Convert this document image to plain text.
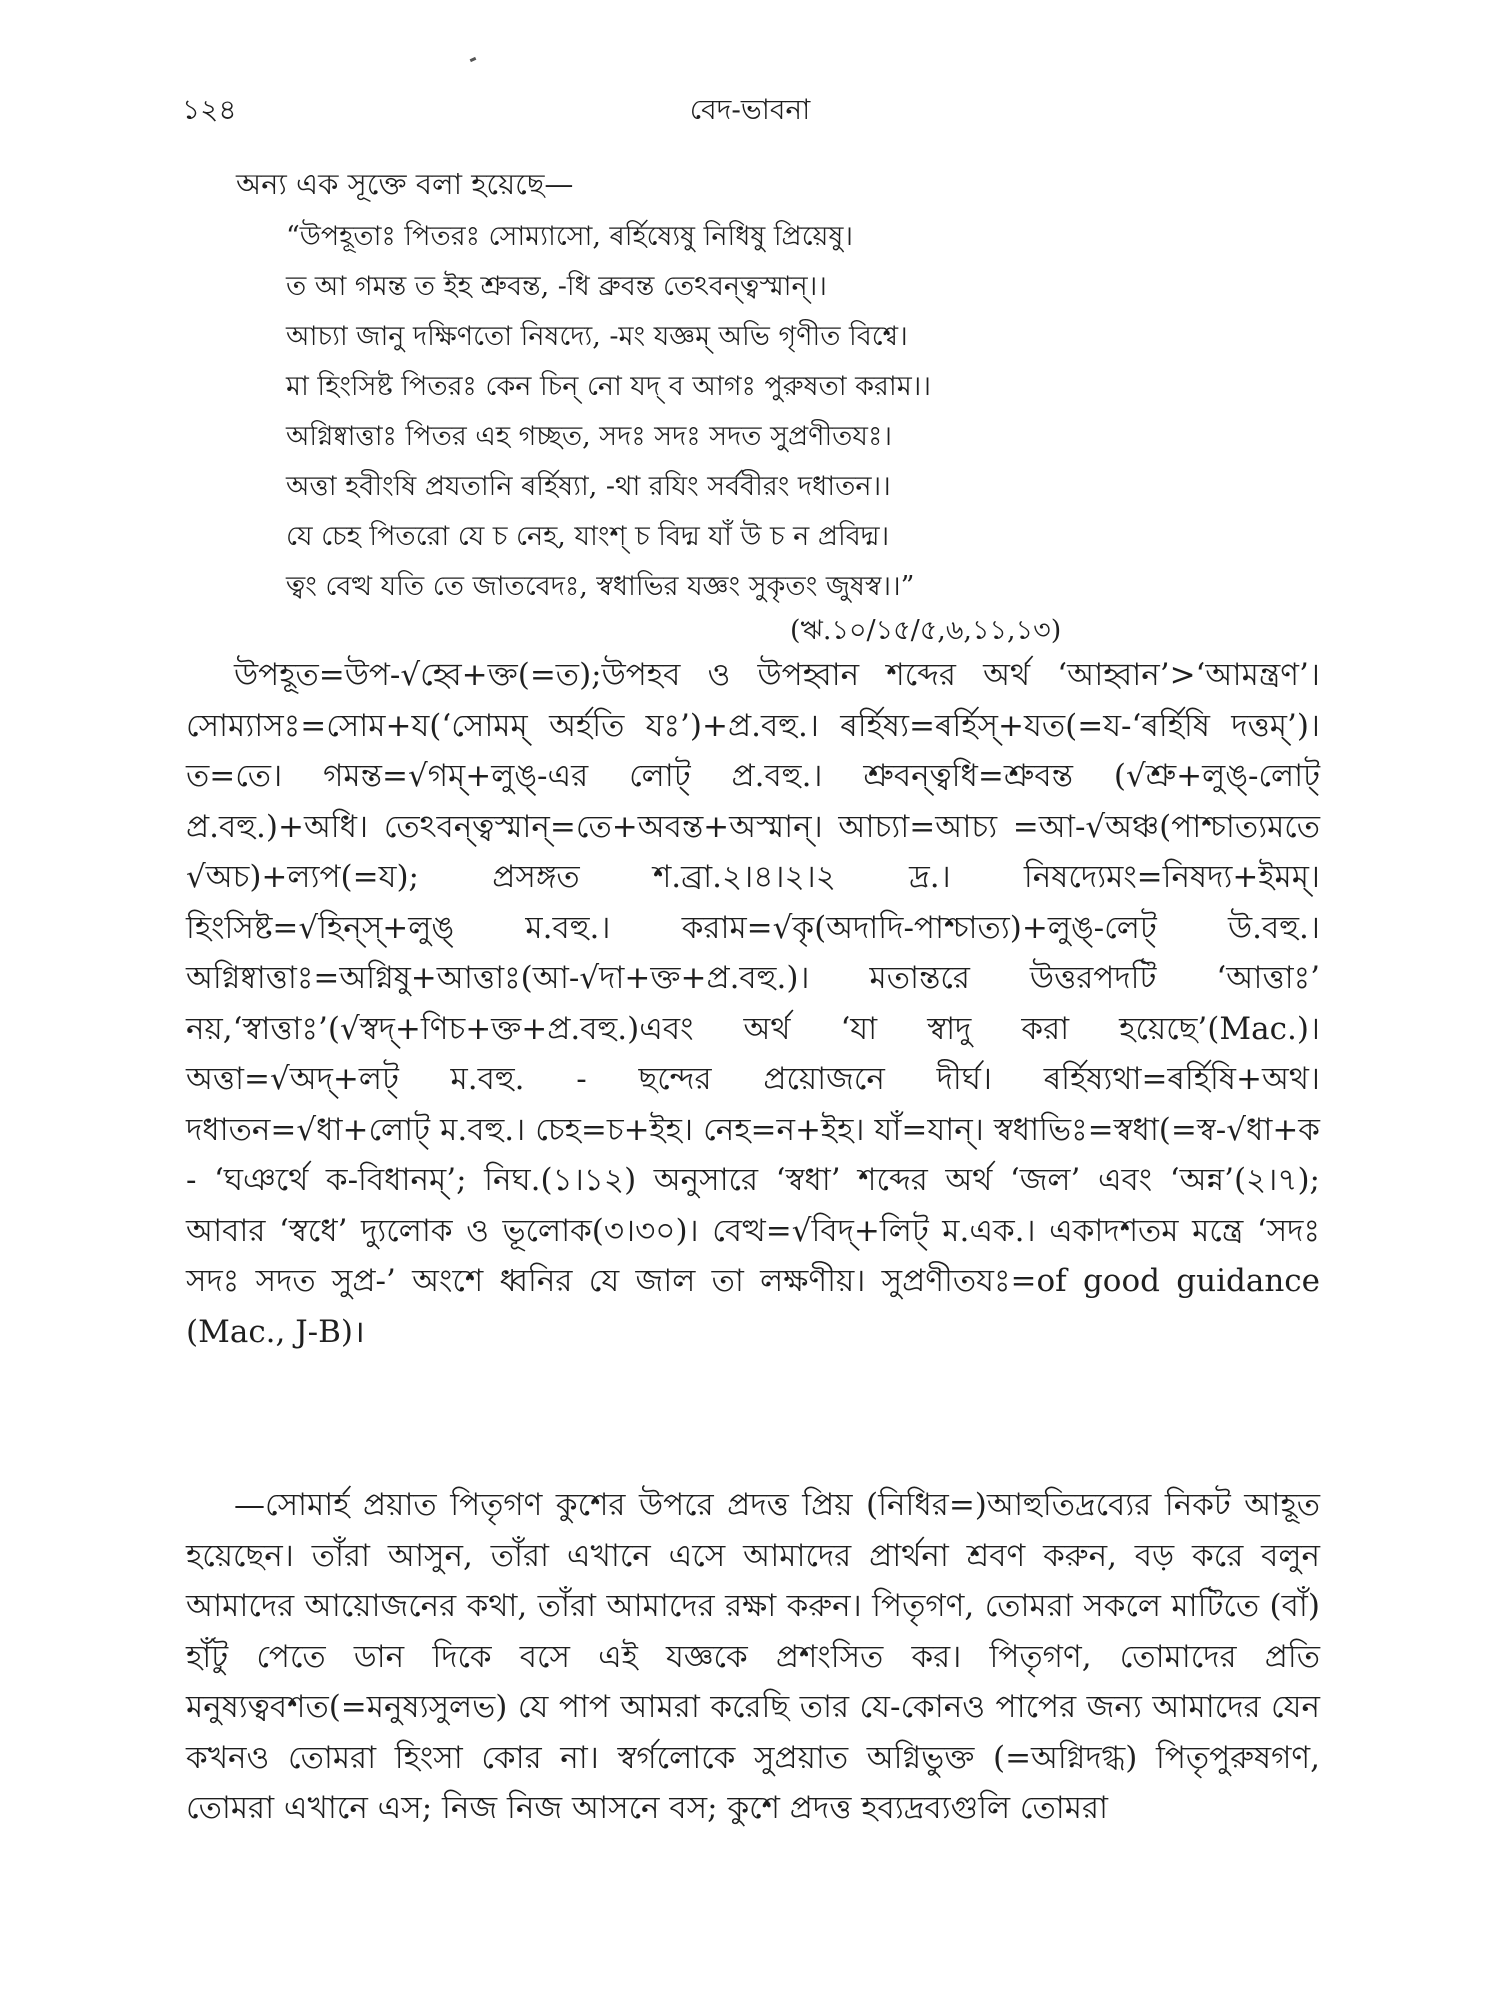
বেদ-ভাবনা
১২৪
অন্য এক সূক্তে বলা হয়েছে—
“উপহূতাঃ পিতরঃ সোম্যাসো, ৰর্হিষ্যেষু নিধিষু প্রিয়েষু।
ত আ গমন্ত ত ইহ শ্রুবন্ত, -ধি ব্রুবন্ত তেঽবন্ত্বস্মান্।।
আচ্যা জানু দক্ষিণতো নিষদ্যে, -মং যজ্ঞম্ অভি গৃণীত বিশ্বে।
মা হিংসিষ্ট পিতরঃ কেন চিন্ নো যদ্ ব আগঃ পুরুষতা করাম।।
অগ্নিষ্বাত্তাঃ পিতর এহ গচ্ছত, সদঃ সদঃ সদত সুপ্রণীতযঃ।
অত্তা হবীংষি প্রযতানি ৰর্হিষ্যা, -থা রযিং সর্ববীরং দধাতন।।
যে চেহ পিতরো যে চ নেহ, যাংশ্ চ বিদ্ম যাঁ উ চ ন প্রবিদ্ম।
ত্বং বেত্থ যতি তে জাতবেদঃ, স্বধাভির যজ্ঞং সুকৃতং জুষস্ব।।”
(ঋ.১০/১৫/৫,৬,১১,১৩)

উপহূত=উপ-√হ্বে+ক্ত(=ত);উপহব ও উপহ্বান শব্দের অর্থ ‘আহ্বান’>‘আমন্ত্রণ’। সোম্যাসঃ=সোম+য(‘সোমম্ অর্হতি যঃ’)+প্র.বহু.। ৰর্হিষ্য=ৰর্হিস্+যত(=য-‘ৰর্হিষি দত্তম্’)। ত=তে। গমন্ত=√গম্+লুঙ্-এর লোট্ প্র.বহু.। শ্রুবন্ত্বধি=শ্রুবন্ত (√শ্রু+লুঙ্-লোট্ প্র.বহু.)+অধি। তেঽবন্ত্বস্মান্=তে+অবন্ত+অস্মান্। আচ্যা=আচ্য =আ-√অঞ্চ(পাশ্চাত্যমতে √অচ)+ল্যপ(=য); প্রসঙ্গত শ.ব্রা.২।৪।২।২ দ্র.। নিষদ্যেমং=নিষদ্য+ইমম্। হিংসিষ্ট=√হিন্স্+লুঙ্ ম.বহু.। করাম=√কৃ(অদাদি-পাশ্চাত্য)+লুঙ্-লেট্ উ.বহু.। অগ্নিষ্বাত্তাঃ=অগ্নিষু+আত্তাঃ(আ-√দা+ক্ত+প্র.বহু.)। মতান্তরে উত্তরপদটি ‘আত্তাঃ’ নয়,‘স্বাত্তাঃ’(√স্বদ্+ণিচ+ক্ত+প্র.বহু.)এবং অর্থ ‘যা স্বাদু করা হয়েছে’(Mac.)। অত্তা=√অদ্+লট্ ম.বহু. - ছন্দের প্রয়োজনে দীর্ঘ। ৰর্হিষ্যথা=ৰর্হিষি+অথ। দধাতন=√ধা+লোট্ ম.বহু.। চেহ=চ+ইহ। নেহ=ন+ইহ। যাঁ=যান্। স্বধাভিঃ=স্বধা(=স্ব-√ধা+ক - ‘ঘঞর্থে ক-বিধানম্’; নিঘ.(১।১২) অনুসারে ‘স্বধা’ শব্দের অর্থ ‘জল’ এবং ‘অন্ন’(২।৭); আবার ‘স্বধে’ দ্যুলোক ও ভূলোক(৩।৩০)। বেত্থ=√বিদ্+লিট্ ম.এক.। একাদশতম মন্ত্রে ‘সদঃ সদঃ সদত সুপ্র-’ অংশে ধ্বনির যে জাল তা লক্ষণীয়। সুপ্রণীতযঃ=of good guidance (Mac., J-B)।

—সোমার্হ প্রয়াত পিতৃগণ কুশের উপরে প্রদত্ত প্রিয় (নিধির=)আহুতিদ্রব্যের নিকট আহূত হয়েছেন। তাঁরা আসুন, তাঁরা এখানে এসে আমাদের প্রার্থনা শ্রবণ করুন, বড় করে বলুন আমাদের আয়োজনের কথা, তাঁরা আমাদের রক্ষা করুন। পিতৃগণ, তোমরা সকলে মাটিতে (বাঁ) হাঁটু পেতে ডান দিকে বসে এই যজ্ঞকে প্রশংসিত কর। পিতৃগণ, তোমাদের প্রতি মনুষ্যত্ববশত(=মনুষ্যসুলভ) যে পাপ আমরা করেছি তার যে-কোনও পাপের জন্য আমাদের যেন কখনও তোমরা হিংসা কোর না। স্বর্গলোকে সুপ্রয়াত অগ্নিভুক্ত (=অগ্নিদগ্ধ) পিতৃপুরুষগণ, তোমরা এখানে এস; নিজ নিজ আসনে বস; কুশে প্রদত্ত হব্যদ্রব্যগুলি তোমরা
